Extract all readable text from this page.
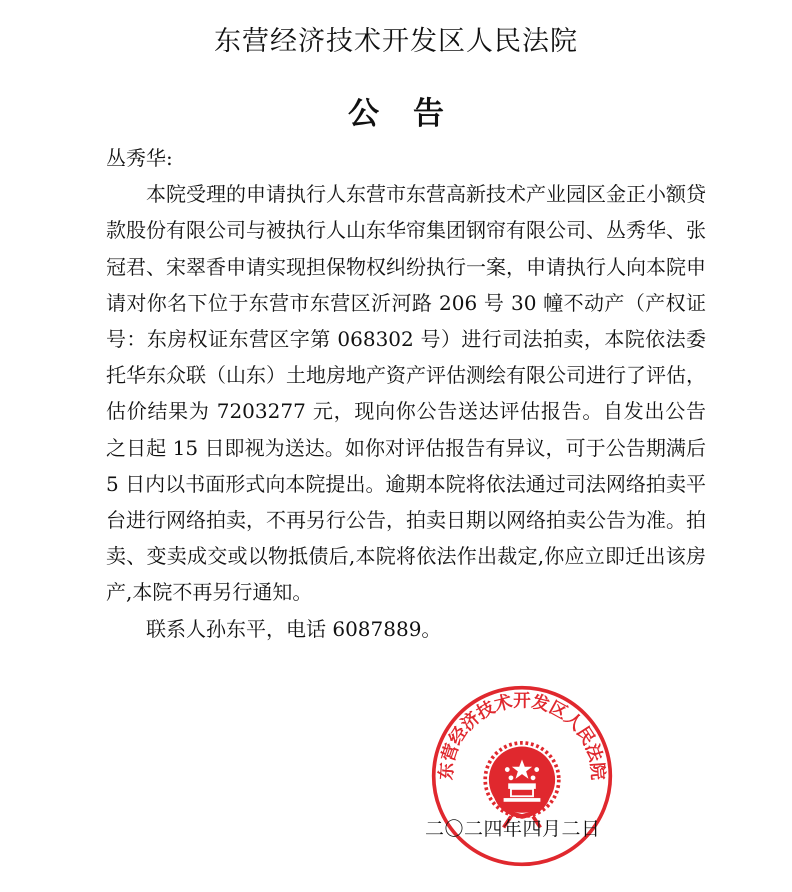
东营经济技术开发区人民法院
公告

丛秀华:

本院受理的申请执行人东营市东营高新技术产业园区金正小额贷款股份有限公司与被执行人山东华帘集团钢帘有限公司、丛秀华、张冠君、宋翠香申请实现担保物权纠纷执行一案，申请执行人向本院申请对你名下位于东营市东营区沂河路 206 号 30 幢不动产（产权证号：东房权证东营区字第 068302 号）进行司法拍卖，本院依法委托华东众联（山东）土地房地产资产评估测绘有限公司进行了评估，估价结果为 7203277 元，现向你公告送达评估报告。自发出公告之日起 15 日即视为送达。如你对评估报告有异议，可于公告期满后 5 日内以书面形式向本院提出。逾期本院将依法通过司法网络拍卖平台进行网络拍卖，不再另行公告，拍卖日期以网络拍卖公告为准。拍卖、变卖成交或以物抵债后,本院将依法作出裁定,你应立即迁出该房产,本院不再另行通知。

联系人孙东平，电话 6087889。

东营经济技术开发区人民法院
二〇二四年四月二日
